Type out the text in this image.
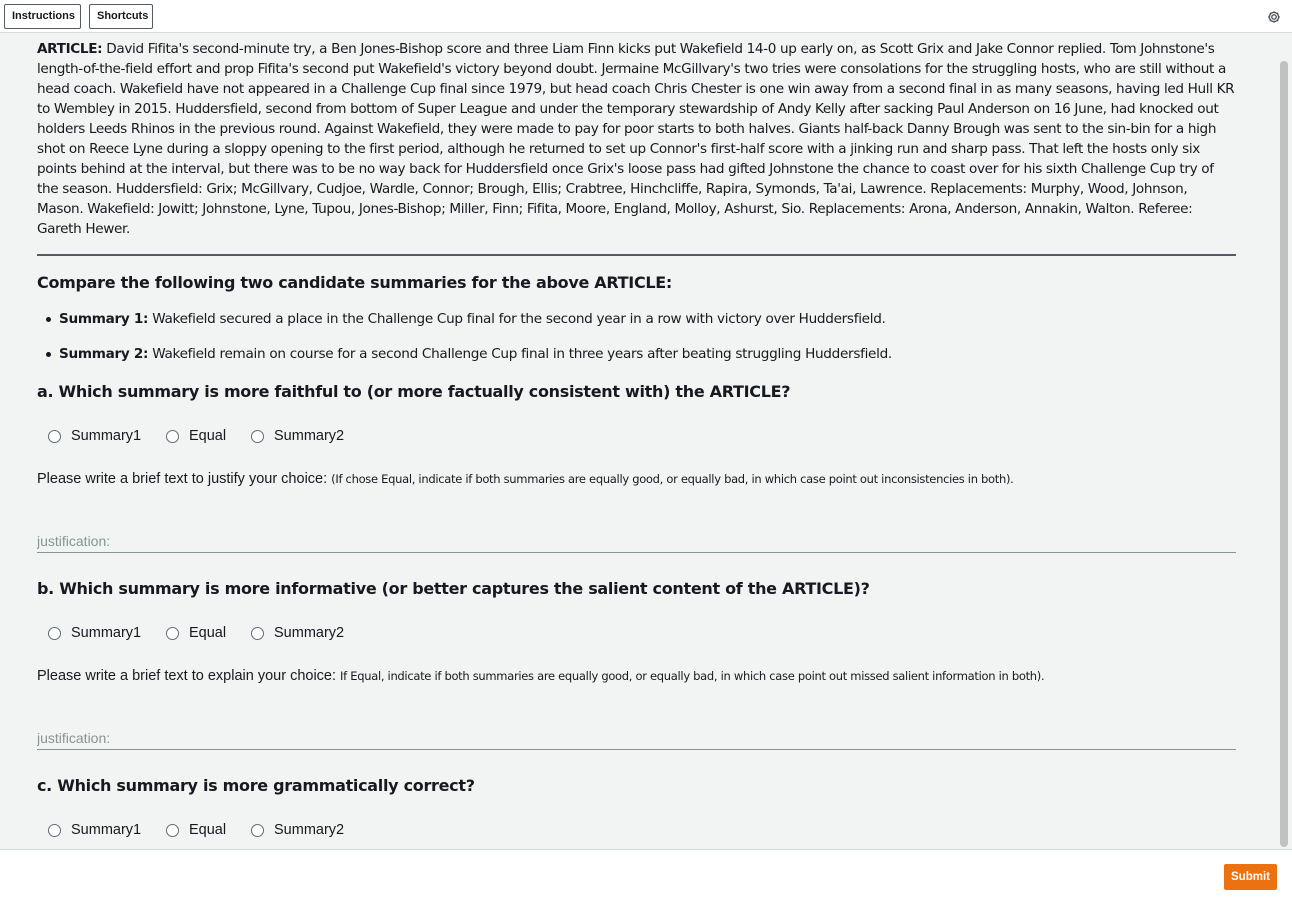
Instructions	Shortcuts

ARTICLE: David Fifita's second-minute try, a Ben Jones-Bishop score and three Liam Finn kicks put Wakefield 14-0 up early on, as Scott Grix and Jake Connor replied. Tom Johnstone's length-of-the-field effort and prop Fifita's second put Wakefield's victory beyond doubt. Jermaine McGillvary's two tries were consolations for the struggling hosts, who are still without a head coach. Wakefield have not appeared in a Challenge Cup final since 1979, but head coach Chris Chester is one win away from a second final in as many seasons, having led Hull KR to Wembley in 2015. Huddersfield, second from bottom of Super League and under the temporary stewardship of Andy Kelly after sacking Paul Anderson on 16 June, had knocked out holders Leeds Rhinos in the previous round. Against Wakefield, they were made to pay for poor starts to both halves. Giants half-back Danny Brough was sent to the sin-bin for a high shot on Reece Lyne during a sloppy opening to the first period, although he returned to set up Connor's first-half score with a jinking run and sharp pass. That left the hosts only six points behind at the interval, but there was to be no way back for Huddersfield once Grix's loose pass had gifted Johnstone the chance to coast over for his sixth Challenge Cup try of the season. Huddersfield: Grix; McGillvary, Cudjoe, Wardle, Connor; Brough, Ellis; Crabtree, Hinchcliffe, Rapira, Symonds, Ta'ai, Lawrence. Replacements: Murphy, Wood, Johnson, Mason. Wakefield: Jowitt; Johnstone, Lyne, Tupou, Jones-Bishop; Miller, Finn; Fifita, Moore, England, Molloy, Ashurst, Sio. Replacements: Arona, Anderson, Annakin, Walton. Referee: Gareth Hewer.

Compare the following two candidate summaries for the above ARTICLE:
Summary 1: Wakefield secured a place in the Challenge Cup final for the second year in a row with victory over Huddersfield.
Summary 2: Wakefield remain on course for a second Challenge Cup final in three years after beating struggling Huddersfield.
a. Which summary is more faithful to (or more factually consistent with) the ARTICLE?
Summary1	Equal	Summary2
Please write a brief text to justify your choice: (If chose Equal, indicate if both summaries are equally good, or equally bad, in which case point out inconsistencies in both).
justification:
b. Which summary is more informative (or better captures the salient content of the ARTICLE)?
Summary1	Equal	Summary2
Please write a brief text to explain your choice: If Equal, indicate if both summaries are equally good, or equally bad, in which case point out missed salient information in both).
justification:
c. Which summary is more grammatically correct?
Summary1	Equal	Summary2
Submit
